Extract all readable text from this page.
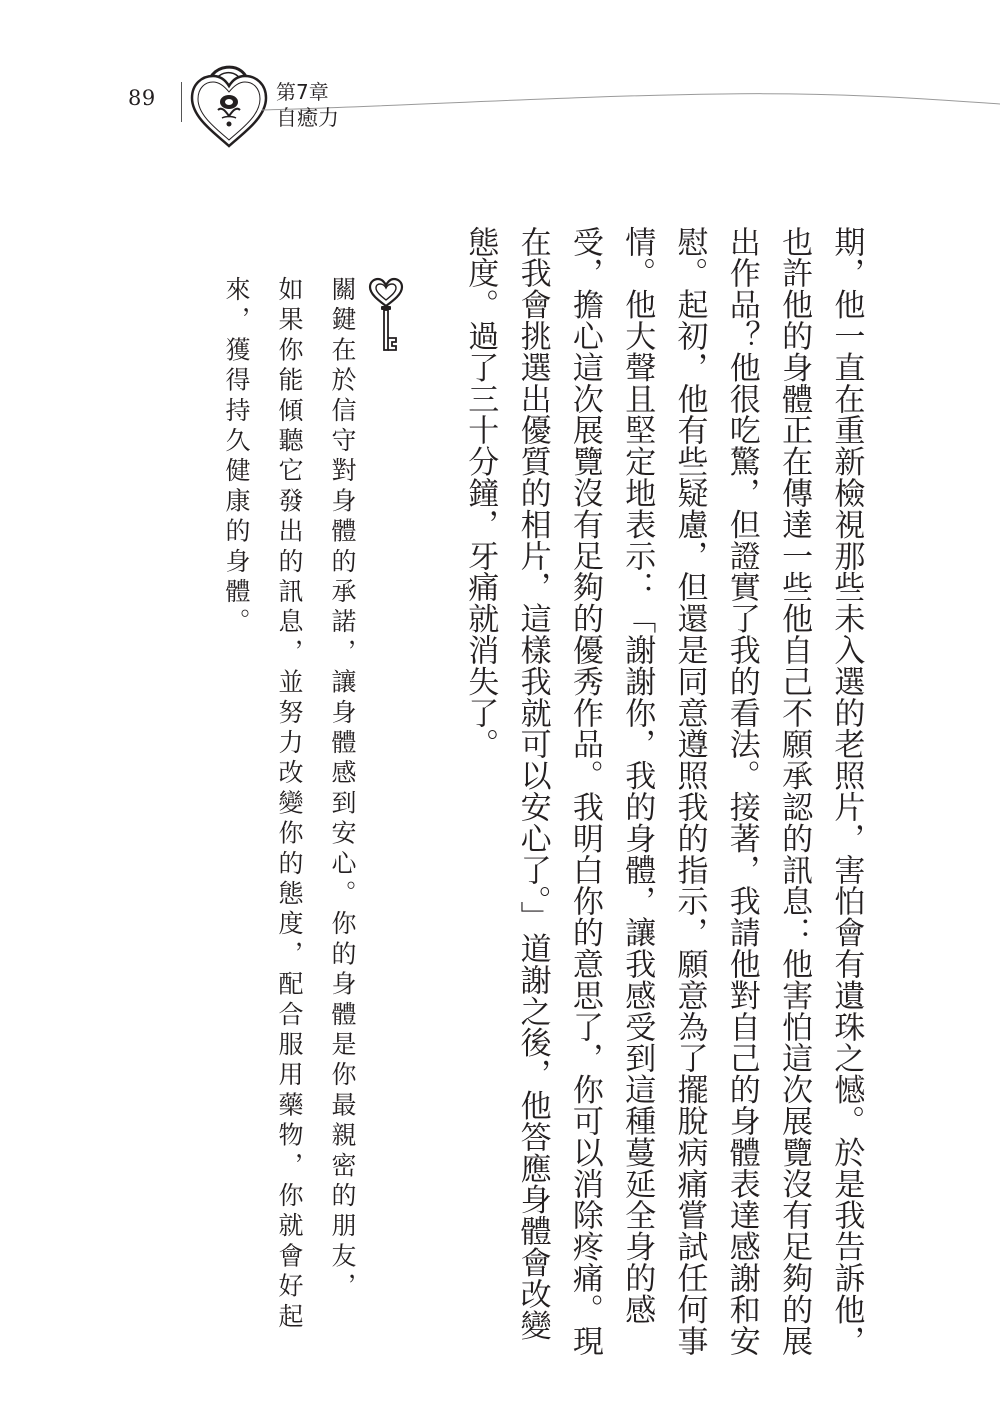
89	第7章
自癒力
期，他一直在重新檢視那些未入選的老照片，害怕會有遺珠之憾。於是我告訴他，
也許他的身體正在傳達一些他自己不願承認的訊息：他害怕這次展覽沒有足夠的展
出作品？他很吃驚，但證實了我的看法。接著，我請他對自己的身體表達感謝和安
慰。起初，他有些疑慮，但還是同意遵照我的指示，願意為了擺脫病痛嘗試任何事
情。他大聲且堅定地表示：「謝謝你，我的身體，讓我感受到這種蔓延全身的感
受，擔心這次展覽沒有足夠的優秀作品。我明白你的意思了，你可以消除疼痛。現
在我會挑選出優質的相片，這樣我就可以安心了。」道謝之後，他答應身體會改變
態度。過了三十分鐘，牙痛就消失了。
關鍵在於信守對身體的承諾，讓身體感到安心。你的身體是你最親密的朋友，
如果你能傾聽它發出的訊息，並努力改變你的態度，配合服用藥物，你就會好起
來，獲得持久健康的身體。
